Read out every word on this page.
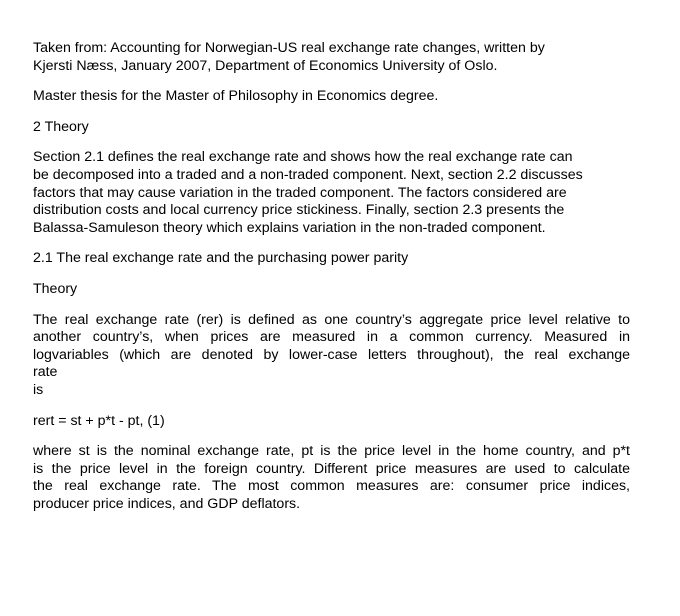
Taken from: Accounting for Norwegian-US real exchange rate changes, written by
Kjersti Næss, January 2007, Department of Economics University of Oslo.

Master thesis for the Master of Philosophy in Economics degree.

2 Theory

Section 2.1 defines the real exchange rate and shows how the real exchange rate can
be decomposed into a traded and a non-traded component. Next, section 2.2 discusses
factors that may cause variation in the traded component. The factors considered are
distribution costs and local currency price stickiness. Finally, section 2.3 presents the
Balassa-Samuleson theory which explains variation in the non-traded component.

2.1 The real exchange rate and the purchasing power parity

Theory

The real exchange rate (rer) is defined as one country’s aggregate price level relative to
another country’s, when prices are measured in a common currency. Measured in
logvariables (which are denoted by lower-case letters throughout), the real exchange
rate
is

rert = st + p*t - pt, (1)

where st is the nominal exchange rate, pt is the price level in the home country, and p*t
is the price level in the foreign country. Different price measures are used to calculate
the real exchange rate. The most common measures are: consumer price indices,
producer price indices, and GDP deflators.
